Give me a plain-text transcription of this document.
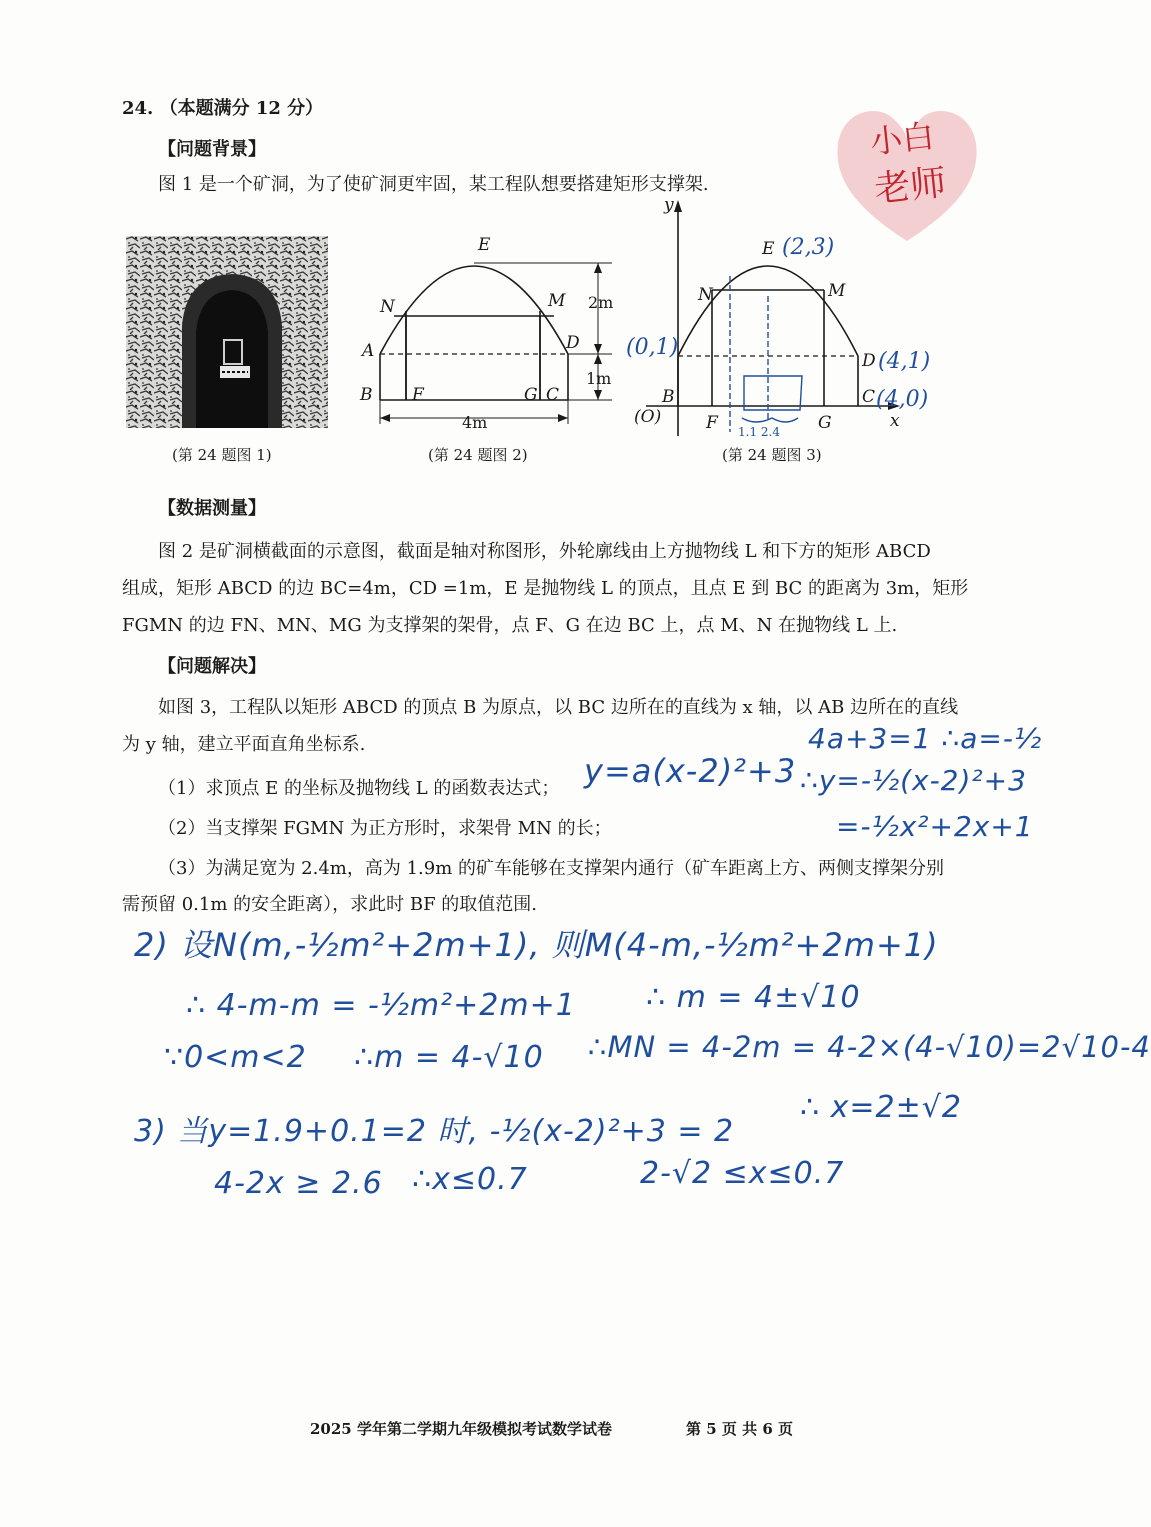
24. （本题满分 12 分）
【问题背景】
图 1 是一个矿洞，为了使矿洞更牢固，某工程队想要搭建矩形支撑架.
小白
老师
(第 24 题图 1)
E
N	M
A	D
B F	G C
2m
1m
4m
(第 24 题图 2)
y
x
E
N	M
D
B	C
F	G
(O)
(2,3)
(0,1)
(4,1)
(4,0)
1.1 2.4
(第 24 题图 3)
【数据测量】
图 2 是矿洞横截面的示意图，截面是轴对称图形，外轮廓线由上方抛物线 L 和下方的矩形 ABCD
组成，矩形 ABCD 的边 BC=4m，CD =1m，E 是抛物线 L 的顶点，且点 E 到 BC 的距离为 3m，矩形
FGMN 的边 FN、MN、MG 为支撑架的架骨，点 F、G 在边 BC 上，点 M、N 在抛物线 L 上.
【问题解决】
如图 3，工程队以矩形 ABCD 的顶点 B 为原点，以 BC 边所在的直线为 x 轴，以 AB 边所在的直线
为 y 轴，建立平面直角坐标系.
（1）求顶点 E 的坐标及抛物线 L 的函数表达式；
（2）当支撑架 FGMN 为正方形时，求架骨 MN 的长；
（3）为满足宽为 2.4m，高为 1.9m 的矿车能够在支撑架内通行（矿车距离上方、两侧支撑架分别
需预留 0.1m 的安全距离），求此时 BF 的取值范围.
y=a(x-2)²+3
4a+3=1 ∴a=-½
∴y=-½(x-2)²+3
=-½x²+2x+1
2) 设N(m,-½m²+2m+1), 则M(4-m,-½m²+2m+1)
∴ 4-m-m = -½m²+2m+1 ∴ m = 4±√10
∵0<m<2 ∴m = 4-√10 ∴MN = 4-2m = 4-2×(4-√10)=2√10-4
3) 当y=1.9+0.1=2 时, -½(x-2)²+3 = 2
∴ x=2±√2
4-2x ≥ 2.6 ∴x≤0.7	2-√2 ≤x≤0.7
2025 学年第二学期九年级模拟考试数学试卷	第 5 页 共 6 页
